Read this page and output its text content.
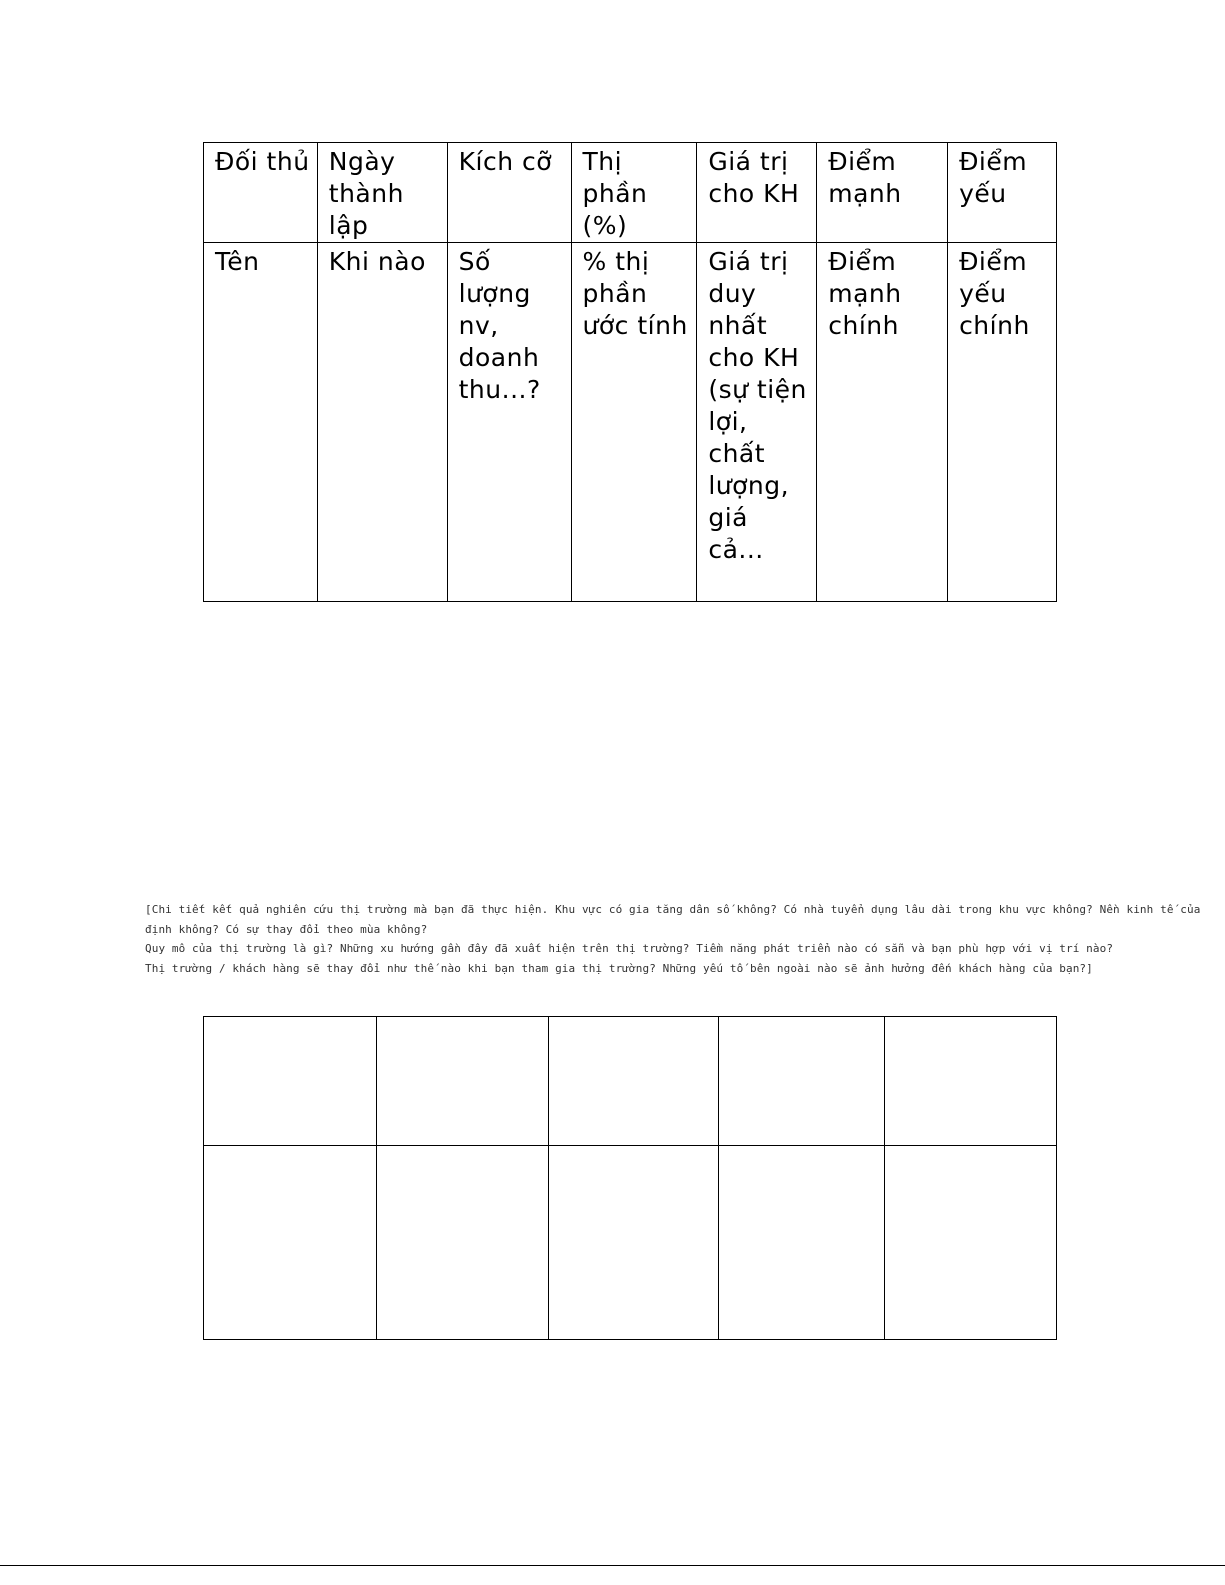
Đối thủ	Ngày thành lập	Kích cỡ	Thị phần (%)	Giá trị cho KH	Điểm mạnh	Điểm yếu
Tên	Khi nào	Số lượng nv, doanh thu...?	% thị phần ước tính	Giá trị duy nhất cho KH (sự tiện lợi, chất lượng, giá cả...	Điểm mạnh chính	Điểm yếu chính

[Chi tiết kết quả nghiên cứu thị trường mà bạn đã thực hiện. Khu vực có gia tăng dân số không? Có nhà tuyển dụng lâu dài trong khu vực không? Nền kinh tế của

định không? Có sự thay đổi theo mùa không?

Quy mô của thị trường là gì? Những xu hướng gần đây đã xuất hiện trên thị trường? Tiềm năng phát triển nào có sẵn và bạn phù hợp với vị trí nào?

Thị trường / khách hàng sẽ thay đổi như thế nào khi bạn tham gia thị trường? Những yếu tố bên ngoài nào sẽ ảnh hưởng đến khách hàng của bạn?]
